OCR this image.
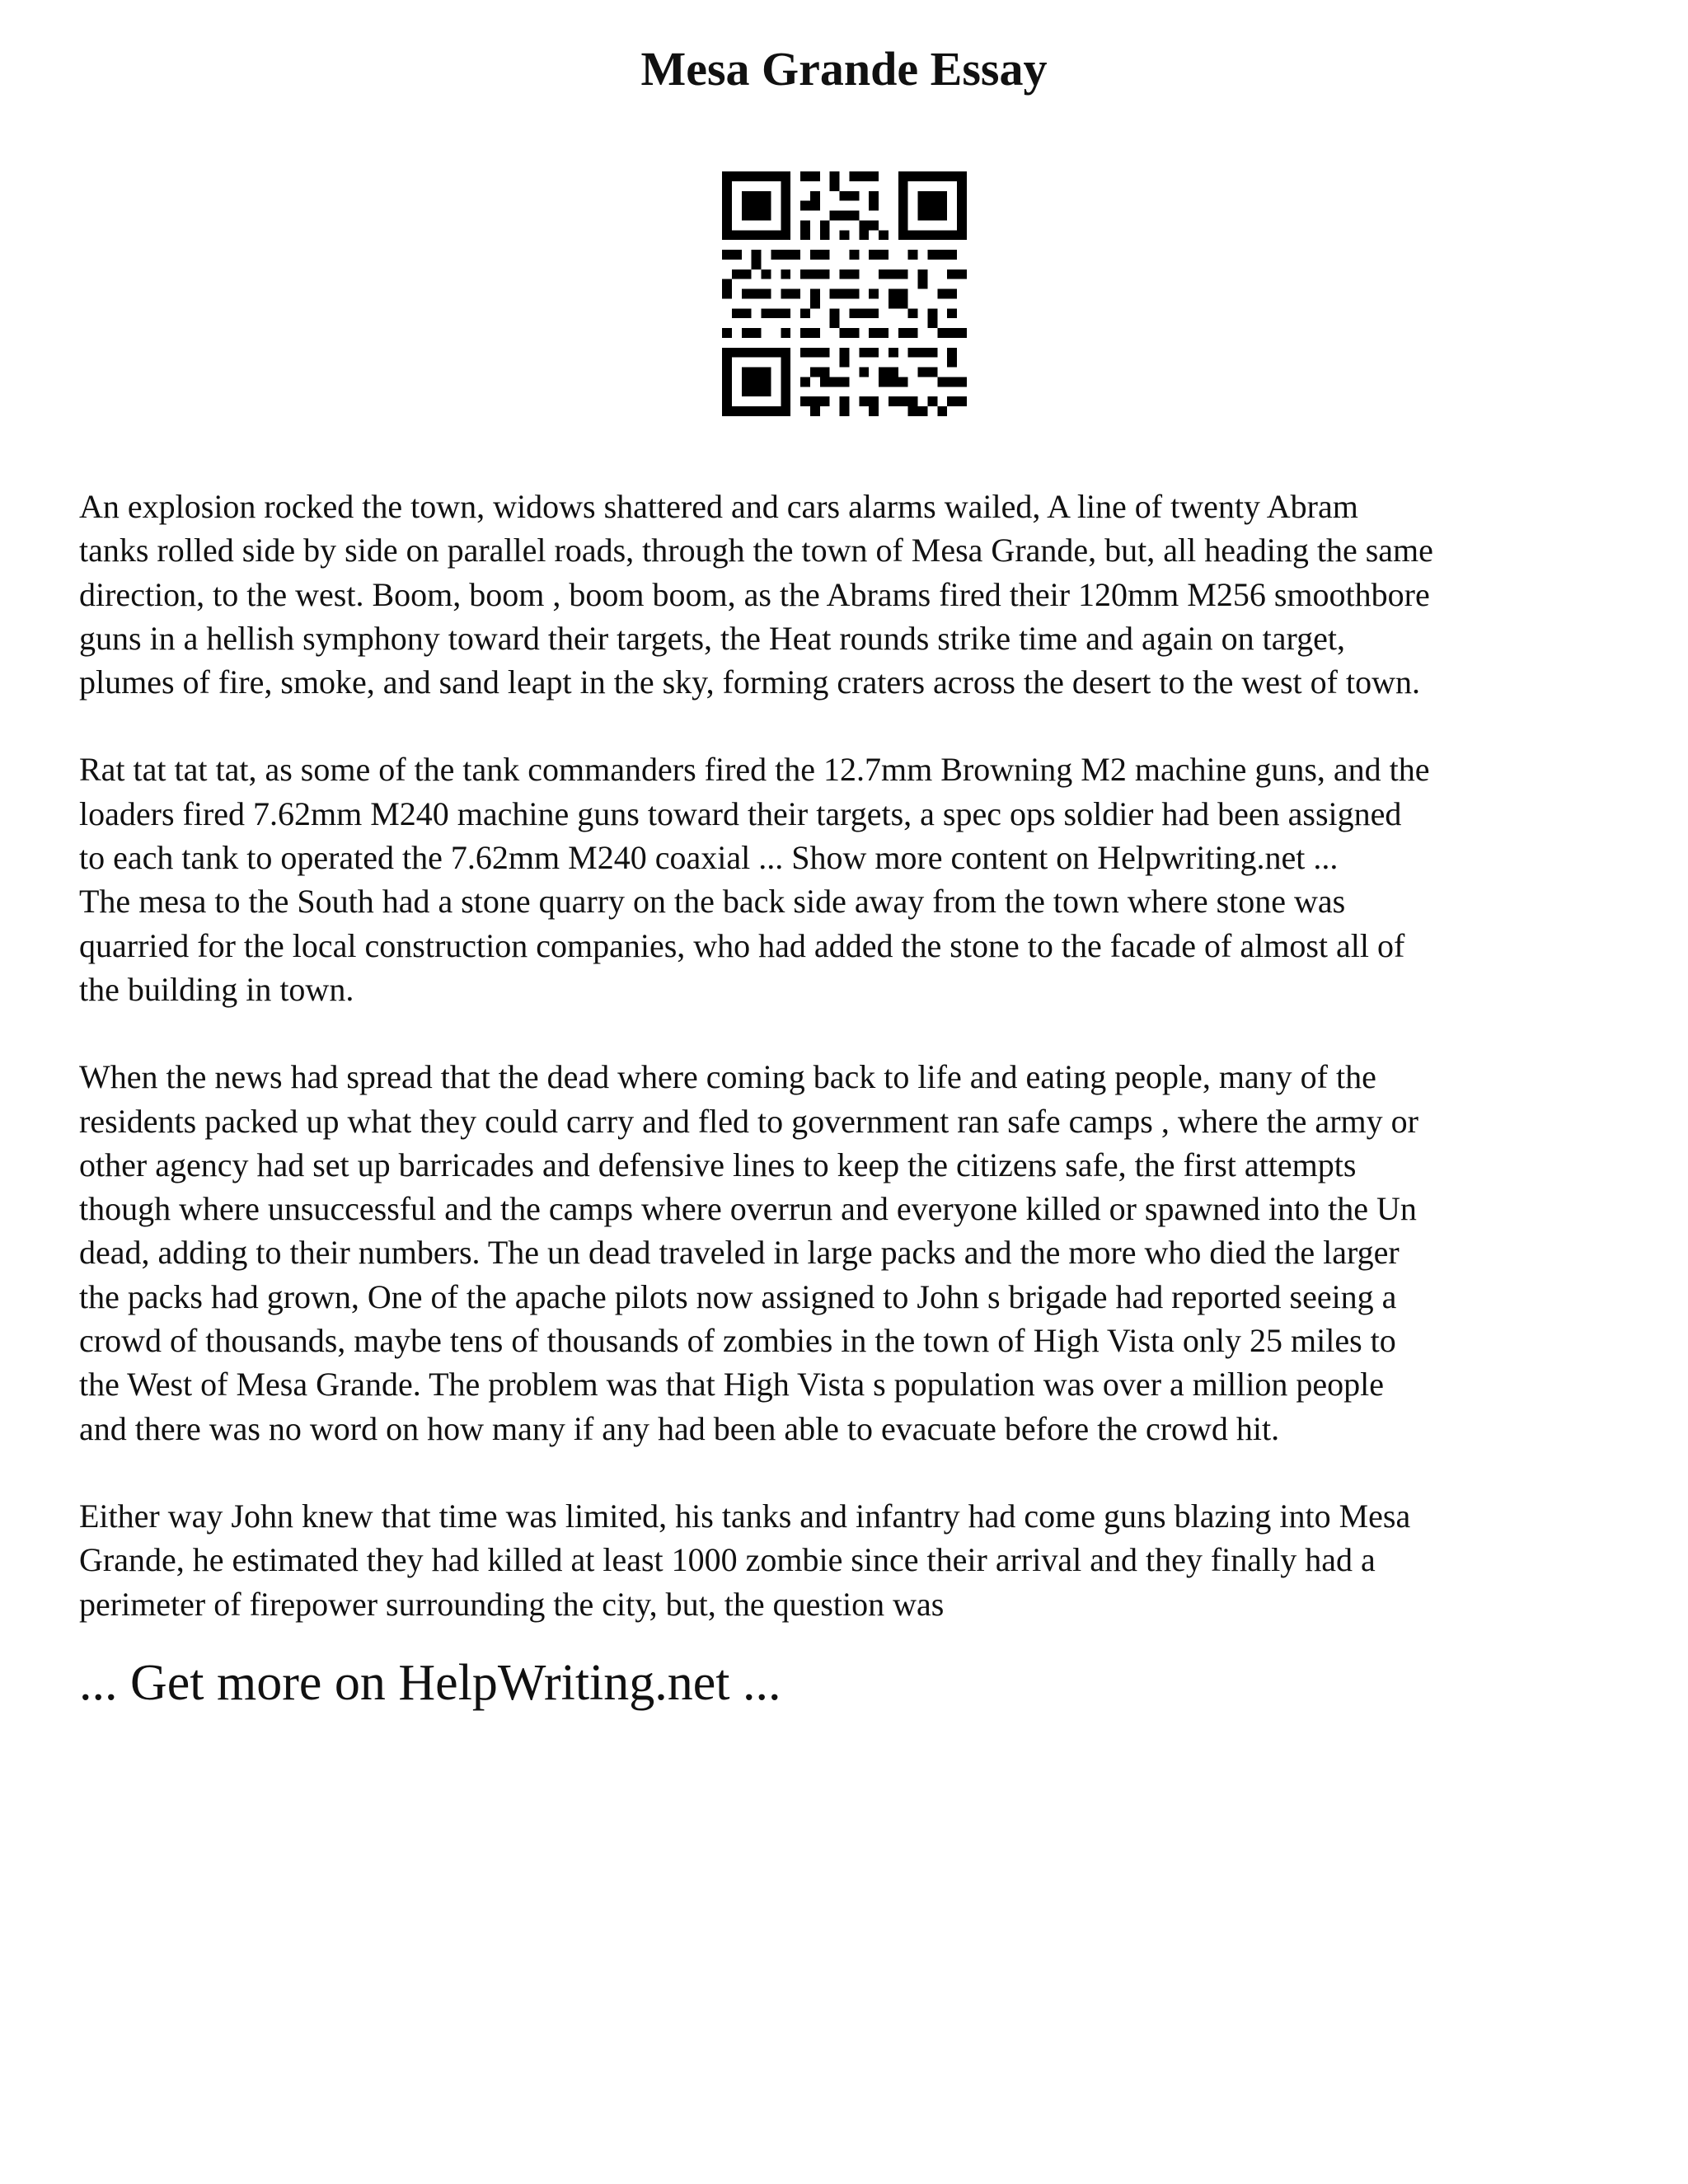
Mesa Grande Essay

An explosion rocked the town, widows shattered and cars alarms wailed, A line of twenty Abram
tanks rolled side by side on parallel roads, through the town of Mesa Grande, but, all heading the same
direction, to the west. Boom, boom , boom boom, as the Abrams fired their 120mm M256 smoothbore
guns in a hellish symphony toward their targets, the Heat rounds strike time and again on target,
plumes of fire, smoke, and sand leapt in the sky, forming craters across the desert to the west of town.

Rat tat tat tat, as some of the tank commanders fired the 12.7mm Browning M2 machine guns, and the
loaders fired 7.62mm M240 machine guns toward their targets, a spec ops soldier had been assigned
to each tank to operated the 7.62mm M240 coaxial ... Show more content on Helpwriting.net ...

The mesa to the South had a stone quarry on the back side away from the town where stone was
quarried for the local construction companies, who had added the stone to the facade of almost all of
the building in town.

When the news had spread that the dead where coming back to life and eating people, many of the
residents packed up what they could carry and fled to government ran safe camps , where the army or
other agency had set up barricades and defensive lines to keep the citizens safe, the first attempts
though where unsuccessful and the camps where overrun and everyone killed or spawned into the Un
dead, adding to their numbers. The un dead traveled in large packs and the more who died the larger
the packs had grown, One of the apache pilots now assigned to John s brigade had reported seeing a
crowd of thousands, maybe tens of thousands of zombies in the town of High Vista only 25 miles to
the West of Mesa Grande. The problem was that High Vista s population was over a million people
and there was no word on how many if any had been able to evacuate before the crowd hit.

Either way John knew that time was limited, his tanks and infantry had come guns blazing into Mesa
Grande, he estimated they had killed at least 1000 zombie since their arrival and they finally had a
perimeter of firepower surrounding the city, but, the question was

... Get more on HelpWriting.net ...
